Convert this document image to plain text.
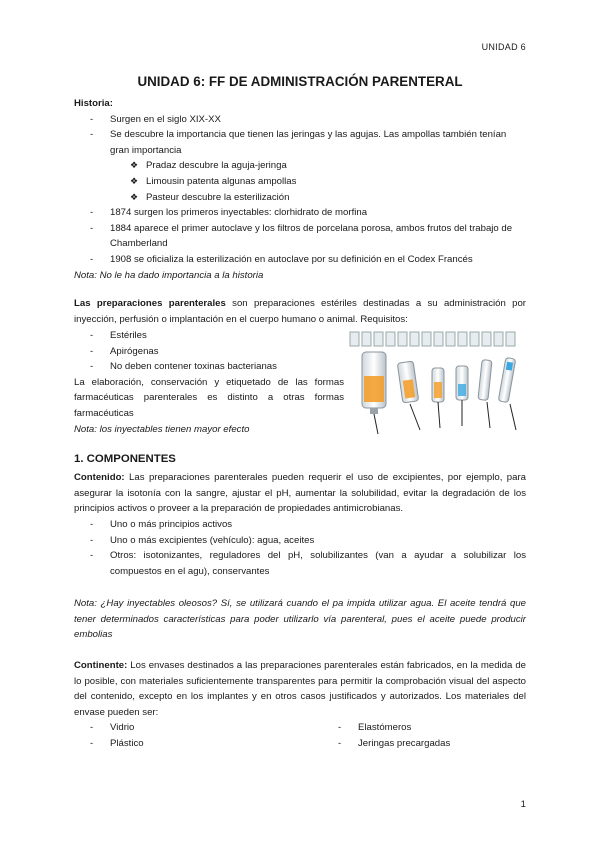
UNIDAD 6
UNIDAD 6: FF DE ADMINISTRACIÓN PARENTERAL
Historia:
- Surgen en el siglo XIX-XX
- Se descubre la importancia que tienen las jeringas y las agujas. Las ampollas también tenían gran importancia
❖ Pradaz descubre la aguja-jeringa
❖ Limousin patenta algunas ampollas
❖ Pasteur descubre la esterilización
- 1874 surgen los primeros inyectables: clorhidrato de morfina
- 1884 aparece el primer autoclave y los filtros de porcelana porosa, ambos frutos del trabajo de Chamberland
- 1908 se oficializa la esterilización en autoclave por su definición en el Codex Francés
Nota: No le ha dado importancia a la historia
Las preparaciones parenterales son preparaciones estériles destinadas a su administración por inyección, perfusión o implantación en el cuerpo humano o animal. Requisitos:
- Estériles
- Apirógenas
- No deben contener toxinas bacterianas
La elaboración, conservación y etiquetado de las formas farmacéuticas parenterales es distinto a otras formas farmacéuticas
Nota: los inyectables tienen mayor efecto
1. COMPONENTES
Contenido: Las preparaciones parenterales pueden requerir el uso de excipientes, por ejemplo, para asegurar la isotonía con la sangre, ajustar el pH, aumentar la solubilidad, evitar la degradación de los principios activos o proveer a la preparación de propiedades antimicrobianas.
- Uno o más principios activos
- Uno o más excipientes (vehículo): agua, aceites
- Otros: isotonizantes, reguladores del pH, solubilizantes (van a ayudar a solubilizar los compuestos en el agu), conservantes
Nota: ¿Hay inyectables oleosos? Sí, se utilizará cuando el pa impida utilizar agua. El aceite tendrá que tener determinados características para poder utilizarlo vía parenteral, pues el aceite puede producir embolias
Continente: Los envases destinados a las preparaciones parenterales están fabricados, en la medida de lo posible, con materiales suficientemente transparentes para permitir la comprobación visual del aspecto del contenido, excepto en los implantes y en otros casos justificados y autorizados. Los materiales del envase pueden ser:
- Vidrio
- Plástico
- Elastómeros
- Jeringas precargadas
1
